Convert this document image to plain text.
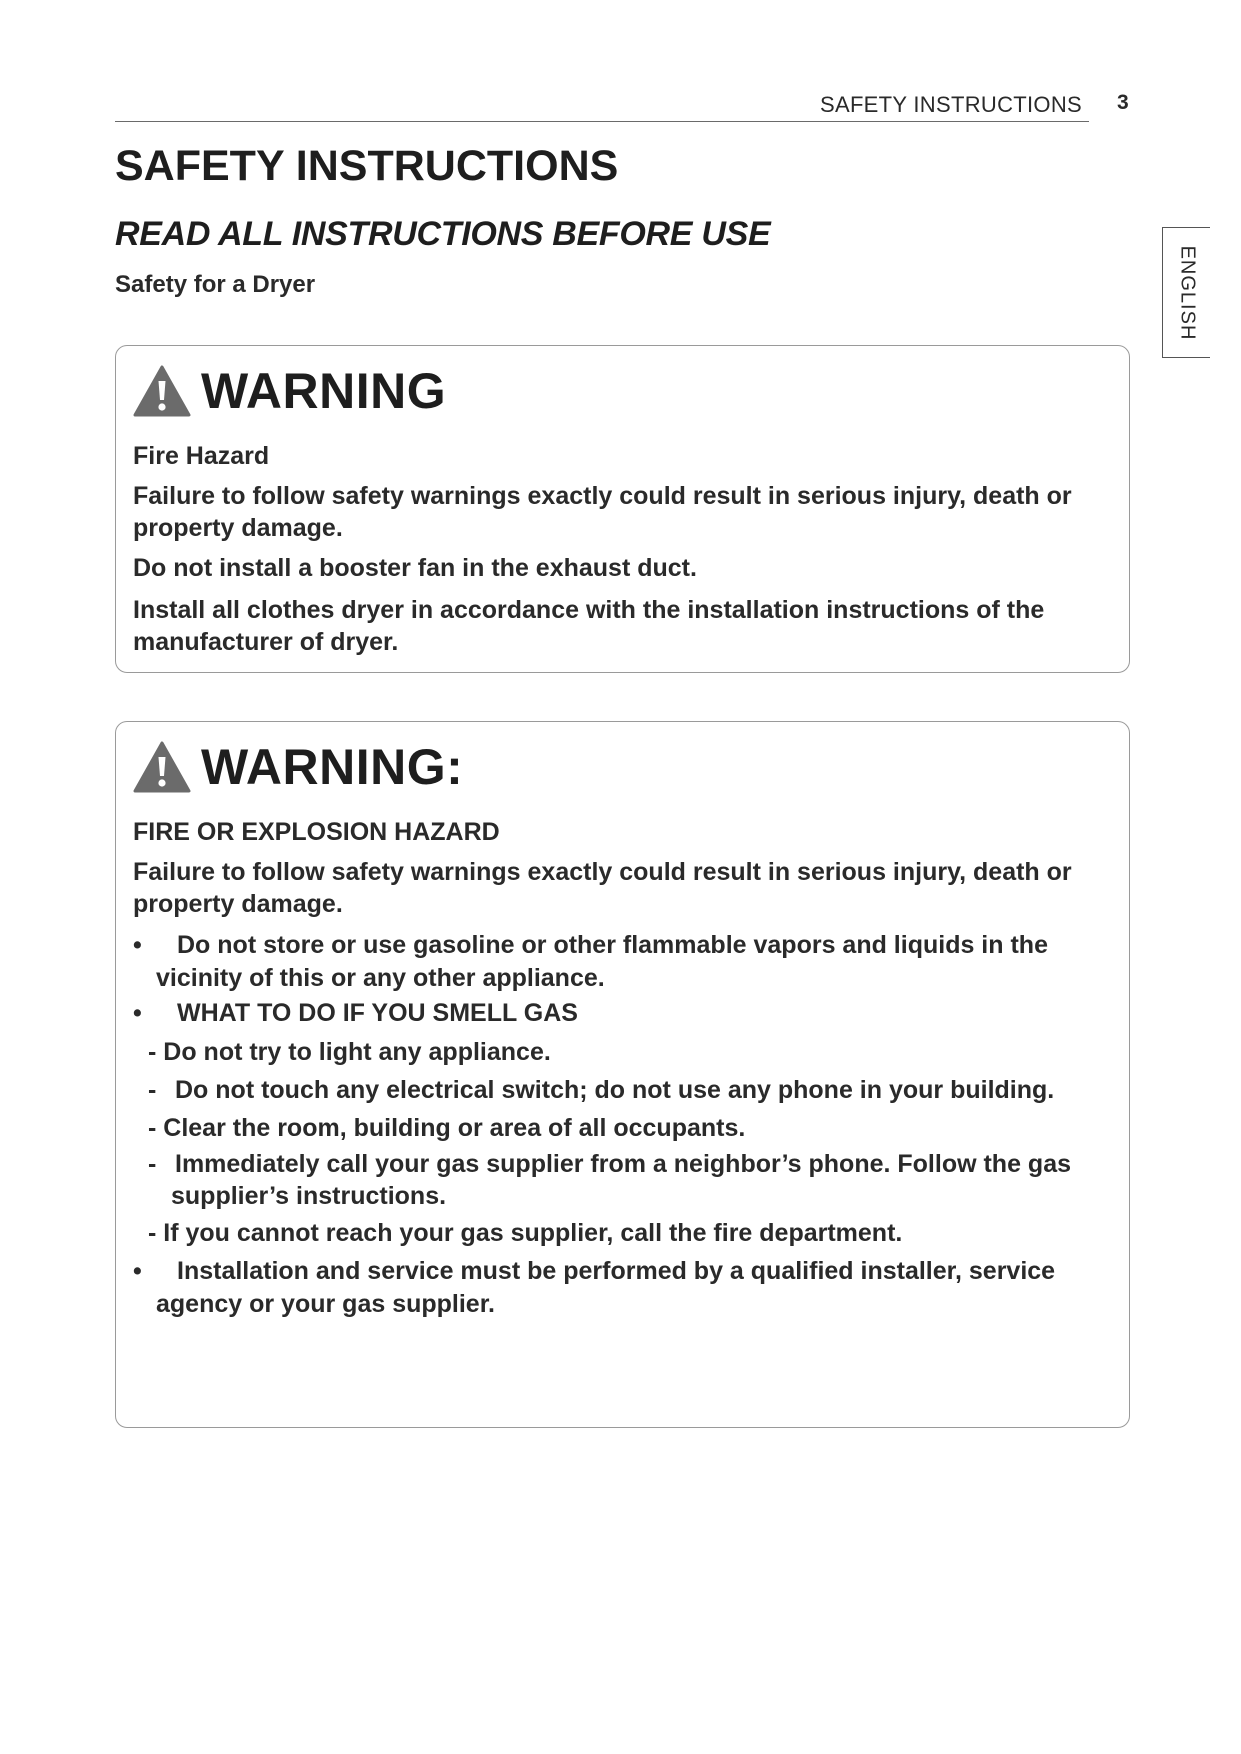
SAFETY INSTRUCTIONS 3
ENGLISH
SAFETY INSTRUCTIONS
READ ALL INSTRUCTIONS BEFORE USE
Safety for a Dryer
WARNING

Fire Hazard

Failure to follow safety warnings exactly could result in serious injury, death or property damage.

Do not install a booster fan in the exhaust duct.

Install all clothes dryer in accordance with the installation instructions of the manufacturer of dryer.

WARNING:

FIRE OR EXPLOSION HAZARD

Failure to follow safety warnings exactly could result in serious injury, death or property damage.

•	Do not store or use gasoline or other flammable vapors and liquids in the vicinity of this or any other appliance.
•	WHAT TO DO IF YOU SMELL GAS

- Do not try to light any appliance.

- Do not touch any electrical switch; do not use any phone in your building.

- Clear the room, building or area of all occupants.

- Immediately call your gas supplier from a neighbor’s phone. Follow the gas supplier’s instructions.

- If you cannot reach your gas supplier, call the fire department.

•	Installation and service must be performed by a qualified installer, service agency or your gas supplier.
